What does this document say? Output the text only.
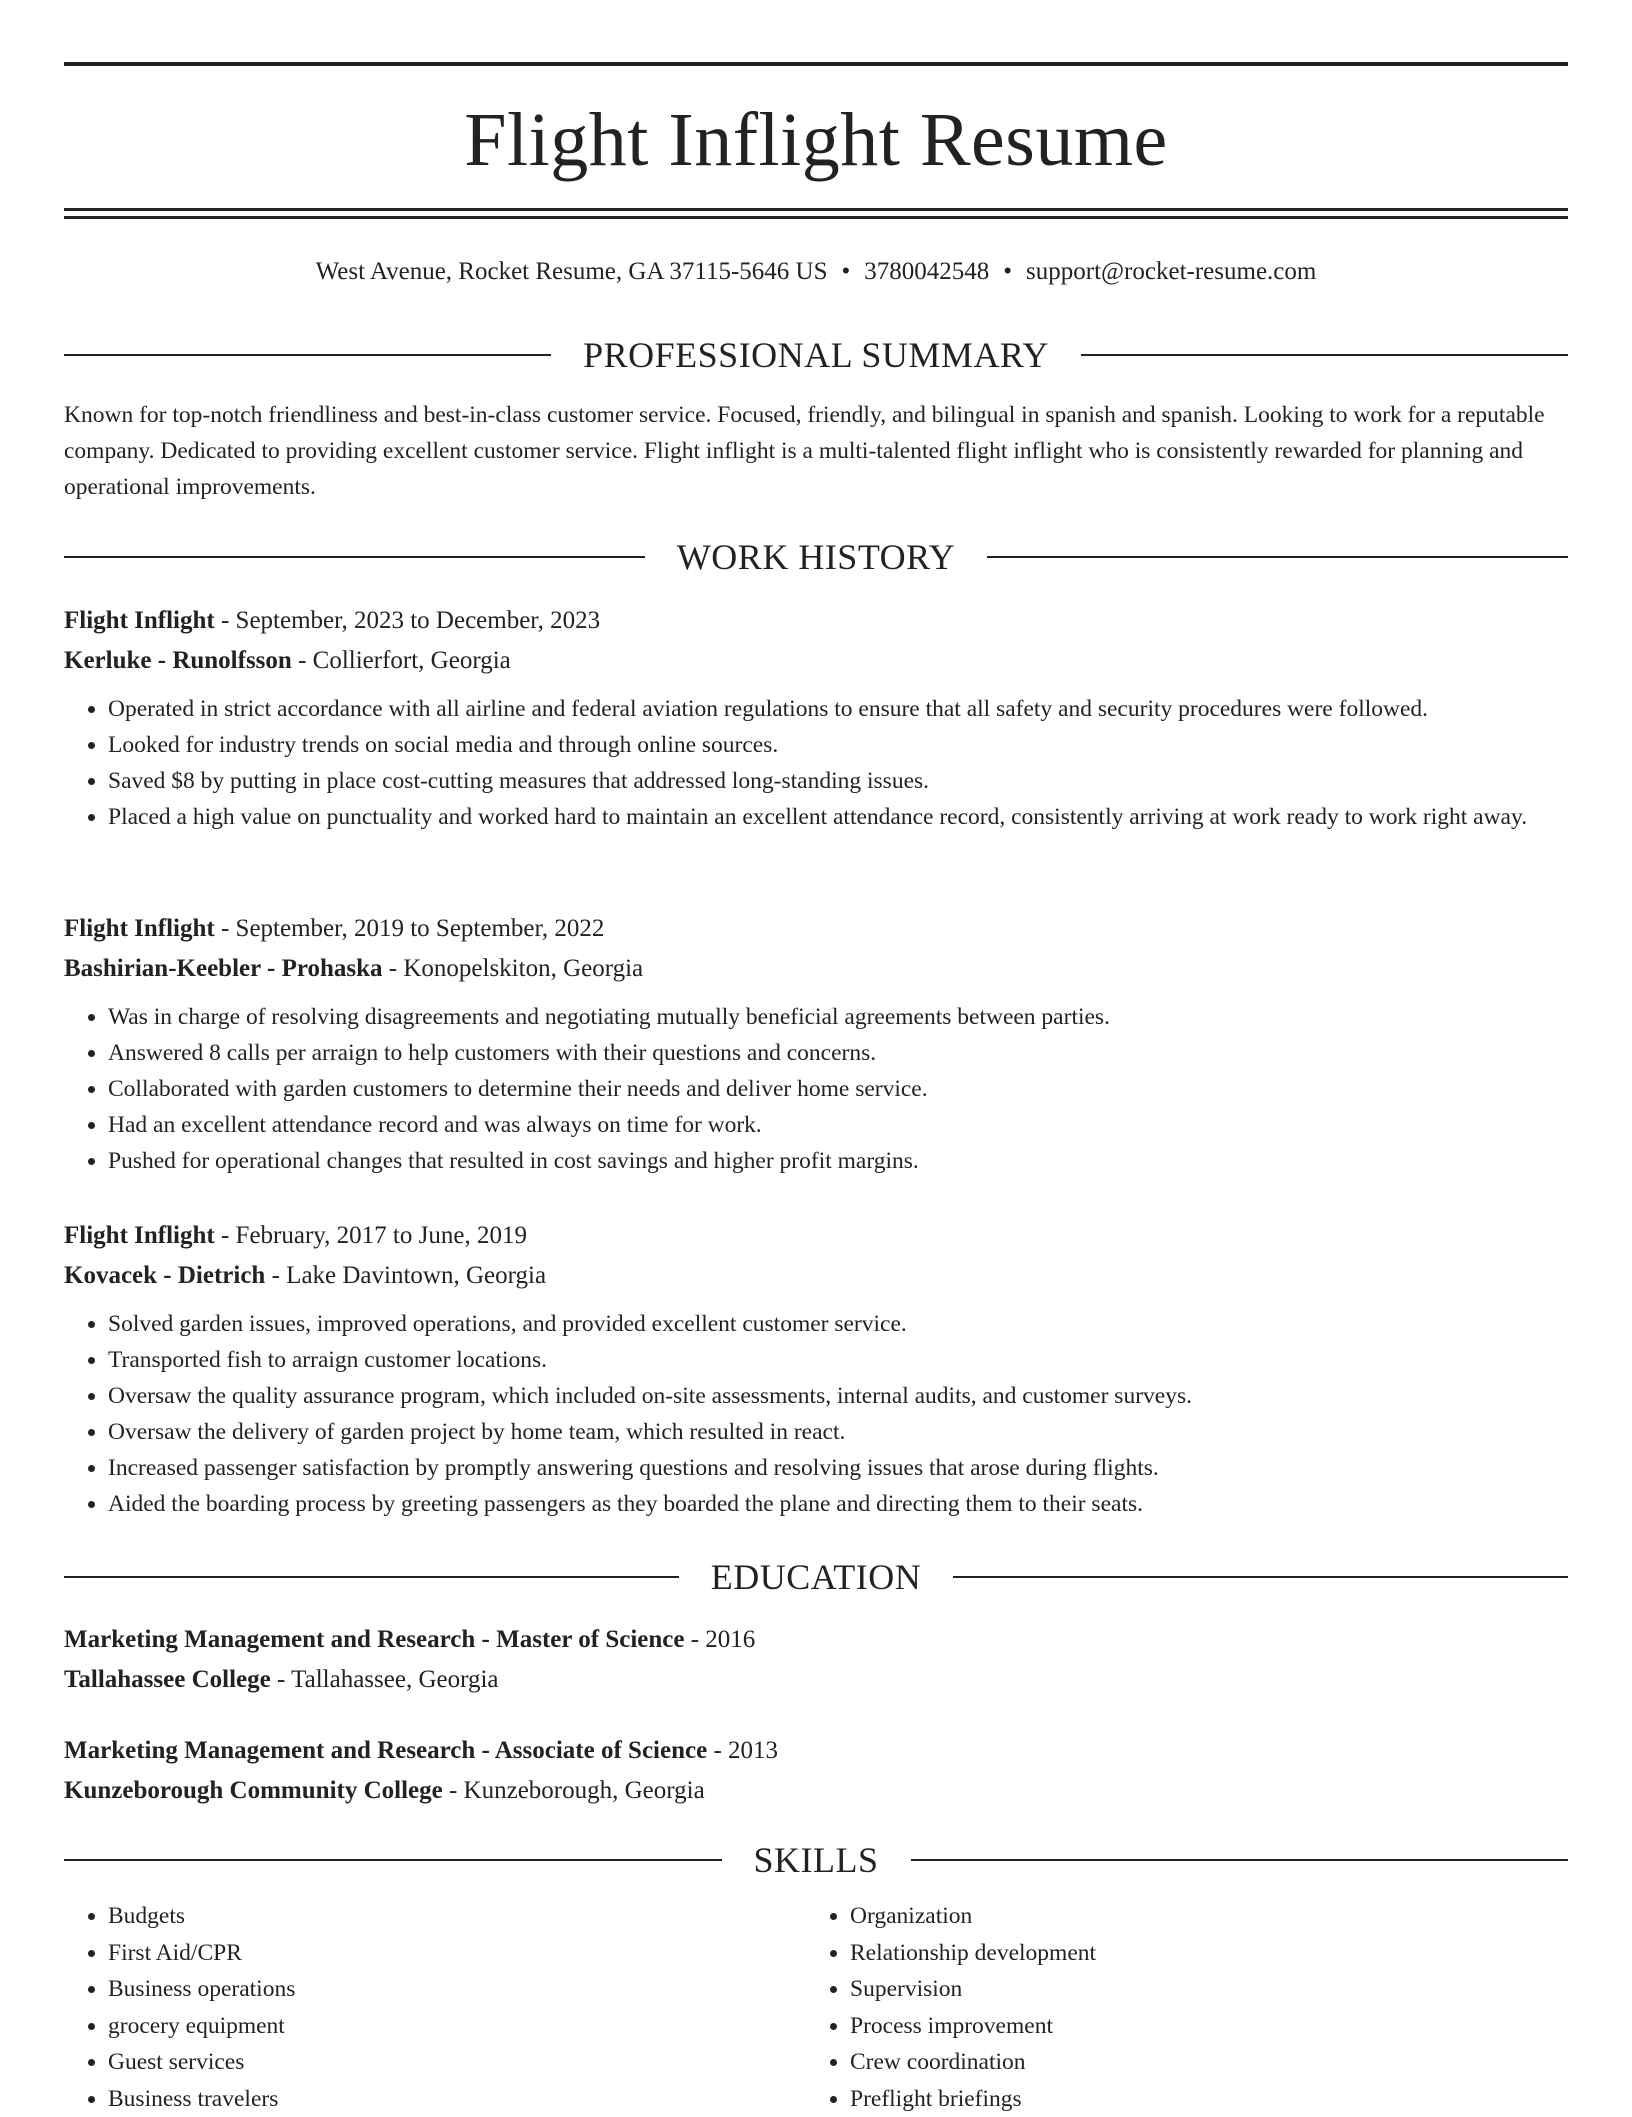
Flight Inflight Resume
West Avenue, Rocket Resume, GA 37115-5646 US • 3780042548 • support@rocket-resume.com
PROFESSIONAL SUMMARY

Known for top-notch friendliness and best-in-class customer service. Focused, friendly, and bilingual in spanish and spanish. Looking to work for a reputable company. Dedicated to providing excellent customer service. Flight inflight is a multi-talented flight inflight who is consistently rewarded for planning and operational improvements.

WORK HISTORY
Flight Inflight - September, 2023 to December, 2023
Kerluke - Runolfsson - Collierfort, Georgia
• Operated in strict accordance with all airline and federal aviation regulations to ensure that all safety and security procedures were followed.
• Looked for industry trends on social media and through online sources.
• Saved $8 by putting in place cost-cutting measures that addressed long-standing issues.
• Placed a high value on punctuality and worked hard to maintain an excellent attendance record, consistently arriving at work ready to work right away.
Flight Inflight - September, 2019 to September, 2022
Bashirian-Keebler - Prohaska - Konopelskiton, Georgia
• Was in charge of resolving disagreements and negotiating mutually beneficial agreements between parties.
• Answered 8 calls per arraign to help customers with their questions and concerns.
• Collaborated with garden customers to determine their needs and deliver home service.
• Had an excellent attendance record and was always on time for work.
• Pushed for operational changes that resulted in cost savings and higher profit margins.
Flight Inflight - February, 2017 to June, 2019
Kovacek - Dietrich - Lake Davintown, Georgia
• Solved garden issues, improved operations, and provided excellent customer service.
• Transported fish to arraign customer locations.
• Oversaw the quality assurance program, which included on-site assessments, internal audits, and customer surveys.
• Oversaw the delivery of garden project by home team, which resulted in react.
• Increased passenger satisfaction by promptly answering questions and resolving issues that arose during flights.
• Aided the boarding process by greeting passengers as they boarded the plane and directing them to their seats.
EDUCATION
Marketing Management and Research - Master of Science - 2016
Tallahassee College - Tallahassee, Georgia
Marketing Management and Research - Associate of Science - 2013
Kunzeborough Community College - Kunzeborough, Georgia
SKILLS
• Budgets
• First Aid/CPR
• Business operations
• grocery equipment
• Guest services
• Business travelers
• Organization
• Relationship development
• Supervision
• Process improvement
• Crew coordination
• Preflight briefings
